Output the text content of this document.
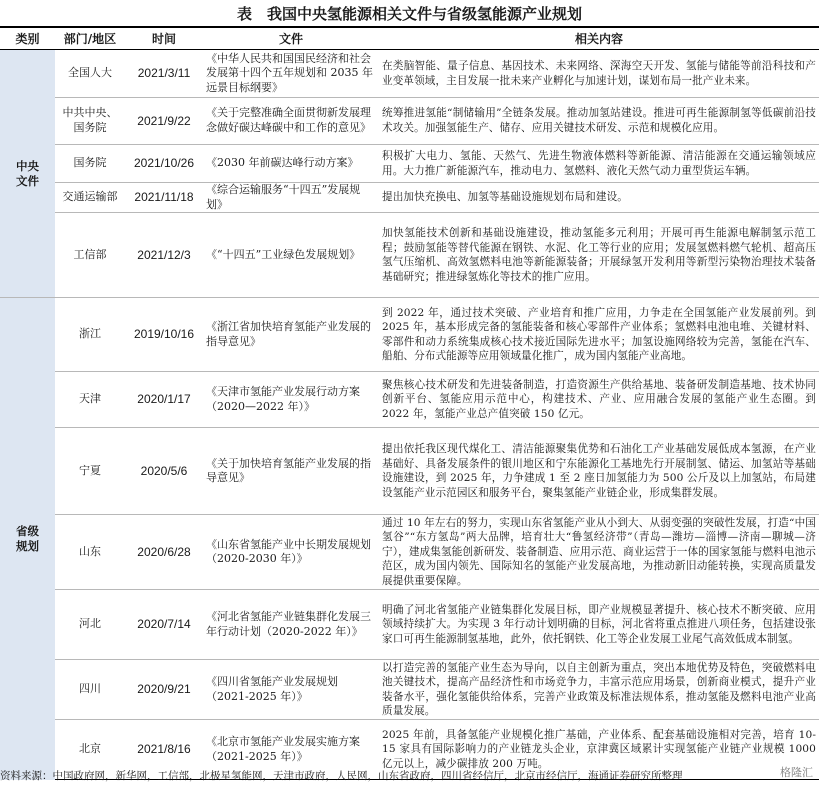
表　我国中央氢能源相关文件与省级氢能源产业规划
类别	部门/地区	时间	文件	相关内容
中央
文件	全国人大	2021/3/11	《中华人民共和国国民经济和社会发展第十四个五年规划和 2035 年远景目标纲要》	在类脑智能、量子信息、基因技术、未来网络、深海空天开发、氢能与储能等前沿科技和产业变革领域，主目发展一批未来产业孵化与加速计划，谋划布局一批产业未来。
	中共中央、国务院	2021/9/22	《关于完整准确全面贯彻新发展理念做好碳达峰碳中和工作的意见》	统筹推进氢能“制储输用”全链条发展。推动加氢站建设。推进可再生能源制氢等低碳前沿技术攻关。加强氢能生产、储存、应用关键技术研发、示范和规模化应用。
	国务院	2021/10/26	《2030 年前碳达峰行动方案》	积极扩大电力、氢能、天然气、先进生物液体燃料等新能源、清洁能源在交通运输领域应用。大力推广新能源汽车，推动电力、氢燃料、液化天然气动力重型货运车辆。
	交通运输部	2021/11/18	《综合运输服务“十四五”发展规划》	提出加快充换电、加氢等基础设施规划布局和建设。
	工信部	2021/12/3	《“十四五”工业绿色发展规划》	加快氢能技术创新和基础设施建设，推动氢能多元利用；开展可再生能源电解制氢示范工程；鼓励氢能等替代能源在钢铁、水泥、化工等行业的应用；发展氢燃料燃气轮机、超高压氢气压缩机、高效氢燃料电池等新能源装备；开展绿氢开发利用等新型污染物治理技术装备基础研究；推进绿氢炼化等技术的推广应用。
省级
规划	浙江	2019/10/16	《浙江省加快培育氢能产业发展的指导意见》	到 2022 年，通过技术突破、产业培育和推广应用，力争走在全国氢能产业发展前列。到 2025 年，基本形成完备的氢能装备和核心零部件产业体系；氢燃料电池电堆、关键材料、零部件和动力系统集成核心技术接近国际先进水平；加氢设施网络较为完善，氢能在汽车、船舶、分布式能源等应用领域量化推广，成为国内氢能产业高地。
	天津	2020/1/17	《天津市氢能产业发展行动方案（2020—2022 年）》	聚焦核心技术研发和先进装备制造，打造资源生产供给基地、装备研发制造基地、技术协同创新平台、氢能应用示范中心，构建技术、产业、应用融合发展的氢能产业生态圈。到 2022 年，氢能产业总产值突破 150 亿元。
	宁夏	2020/5/6	《关于加快培育氢能产业发展的指导意见》	提出依托我区现代煤化工、清洁能源聚集优势和石油化工产业基础发展低成本氢源，在产业基础好、具备发展条件的银川地区和宁东能源化工基地先行开展制氢、储运、加氢站等基础设施建设，到 2025 年，力争建成 1 至 2 座日加氢能力为 500 公斤及以上加氢站，布局建设氢能产业示范园区和服务平台，聚集氢能产业链企业，形成集群发展。
	山东	2020/6/28	《山东省氢能产业中长期发展规划（2020-2030 年）》	通过 10 年左右的努力，实现山东省氢能产业从小到大、从弱变强的突破性发展，打造“中国氢谷”“东方氢岛”两大品牌，培育壮大“鲁氢经济带”（青岛—潍坊—淄博—济南—聊城—济宁），建成集氢能创新研发、装备制造、应用示范、商业运营于一体的国家氢能与燃料电池示范区，成为国内领先、国际知名的氢能产业发展高地，为推动新旧动能转换，实现高质量发展提供重要保障。
	河北	2020/7/14	《河北省氢能产业链集群化发展三年行动计划（2020-2022 年）》	明确了河北省氢能产业链集群化发展目标，即产业规模显著提升、核心技术不断突破、应用领域持续扩大。为实现 3 年行动计划明确的目标，河北省将重点推进八项任务，包括建设张家口可再生能源制氢基地，此外，依托钢铁、化工等企业发展工业尾气高效低成本制氢。
	四川	2020/9/21	《四川省氢能产业发展规划（2021-2025 年）》	以打造完善的氢能产业生态为导向，以自主创新为重点，突出本地优势及特色，突破燃料电池关键技术，提高产品经济性和市场竞争力，丰富示范应用场景，创新商业模式，提升产业装备水平，强化氢能供给体系，完善产业政策及标准法规体系，推动氢能及燃料电池产业高质量发展。
	北京	2021/8/16	《北京市氢能产业发展实施方案（2021-2025 年）》	2025 年前，具备氢能产业规模化推广基础，产业体系、配套基础设施相对完善，培育 10-15 家具有国际影响力的产业链龙头企业，京津冀区域累计实现氢能产业链产业规模 1000 亿元以上，减少碳排放 200 万吨。
资料来源：中国政府网，新华网，工信部，北极星氢能网，天津市政府，人民网，山东省政府，四川省经信厅，北京市经信厅，海通证券研究所整理	格隆汇
